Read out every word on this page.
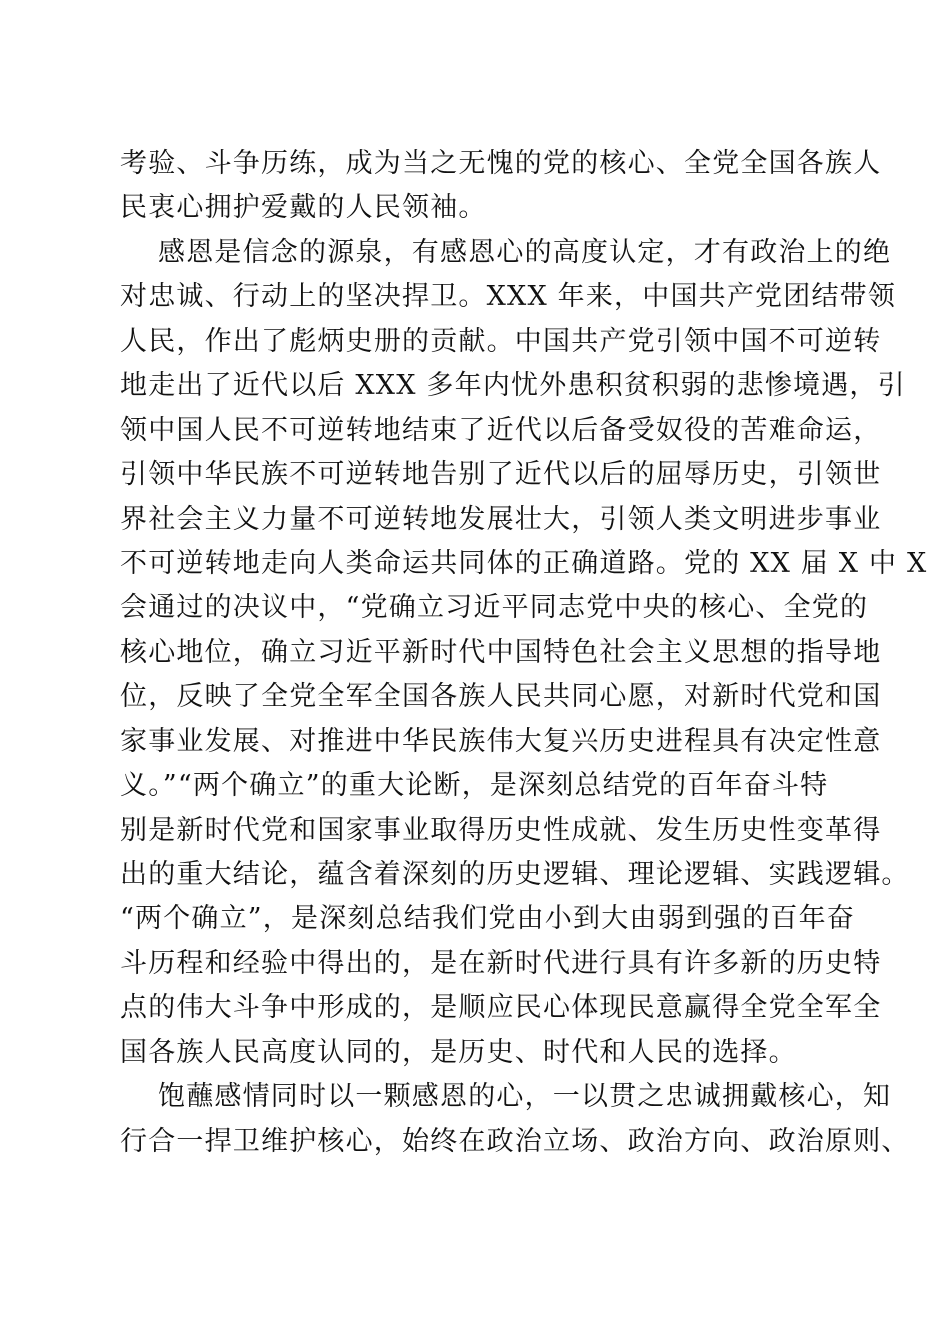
考验、斗争历练，成为当之无愧的党的核心、全党全国各族人
民衷心拥护爱戴的人民领袖。
感恩是信念的源泉，有感恩心的高度认定，才有政治上的绝
对忠诚、行动上的坚决捍卫。XXX 年来，中国共产党团结带领
人民，作出了彪炳史册的贡献。中国共产党引领中国不可逆转
地走出了近代以后 XXX 多年内忧外患积贫积弱的悲惨境遇，引
领中国人民不可逆转地结束了近代以后备受奴役的苦难命运，
引领中华民族不可逆转地告别了近代以后的屈辱历史，引领世
界社会主义力量不可逆转地发展壮大，引领人类文明进步事业
不可逆转地走向人类命运共同体的正确道路。党的 XX 届 X 中 X
会通过的决议中，“党确立习近平同志党中央的核心、全党的
核心地位，确立习近平新时代中国特色社会主义思想的指导地
位，反映了全党全军全国各族人民共同心愿，对新时代党和国
家事业发展、对推进中华民族伟大复兴历史进程具有决定性意
义。”“两个确立”的重大论断，是深刻总结党的百年奋斗特
别是新时代党和国家事业取得历史性成就、发生历史性变革得
出的重大结论，蕴含着深刻的历史逻辑、理论逻辑、实践逻辑。
“两个确立”，是深刻总结我们党由小到大由弱到强的百年奋
斗历程和经验中得出的，是在新时代进行具有许多新的历史特
点的伟大斗争中形成的，是顺应民心体现民意赢得全党全军全
国各族人民高度认同的，是历史、时代和人民的选择。
饱蘸感情同时以一颗感恩的心，一以贯之忠诚拥戴核心，知
行合一捍卫维护核心，始终在政治立场、政治方向、政治原则、
